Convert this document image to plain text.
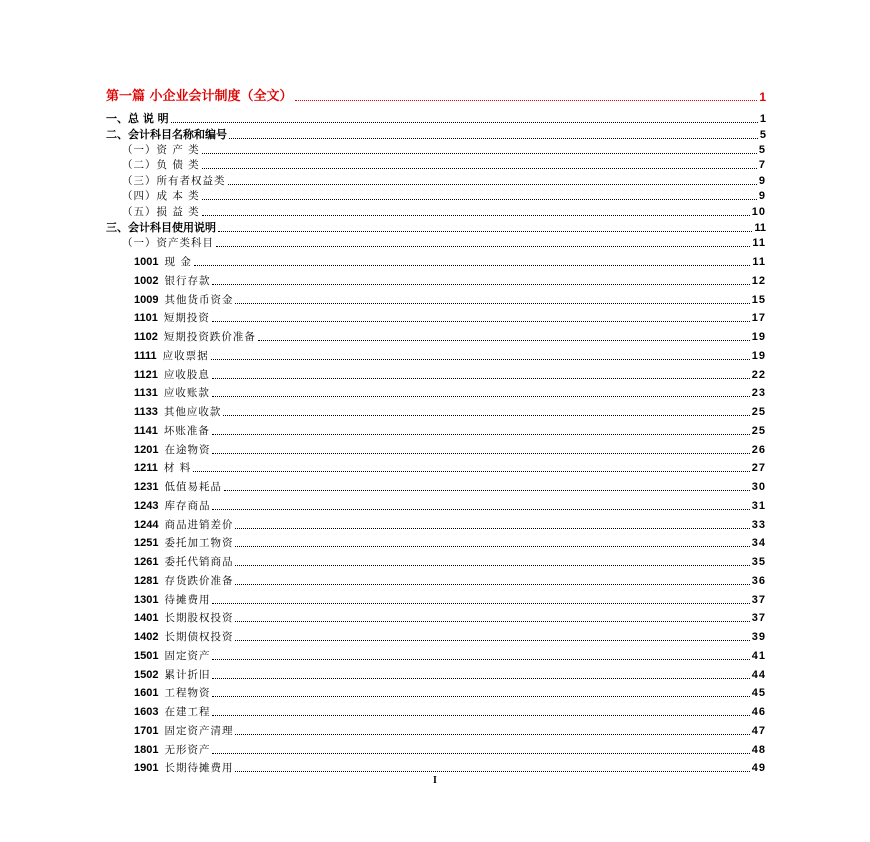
第一篇 小企业会计制度（全文）	1
一、总 说 明	1
二、会计科目名称和编号	5
（一）资 产 类	5
（二）负 债 类	7
（三）所有者权益类	9
（四）成 本 类	9
（五）损 益 类	10
三、会计科目使用说明	11
（一）资产类科目	11
1001 现 金	11
1002 银行存款	12
1009 其他货币资金	15
1101 短期投资	17
1102 短期投资跌价准备	19
1111 应收票据	19
1121 应收股息	22
1131 应收账款	23
1133 其他应收款	25
1141 坏账准备	25
1201 在途物资	26
1211 材 料	27
1231 低值易耗品	30
1243 库存商品	31
1244 商品进销差价	33
1251 委托加工物资	34
1261 委托代销商品	35
1281 存货跌价准备	36
1301 待摊费用	37
1401 长期股权投资	37
1402 长期债权投资	39
1501 固定资产	41
1502 累计折旧	44
1601 工程物资	45
1603 在建工程	46
1701 固定资产清理	47
1801 无形资产	48
1901 长期待摊费用	49
I
